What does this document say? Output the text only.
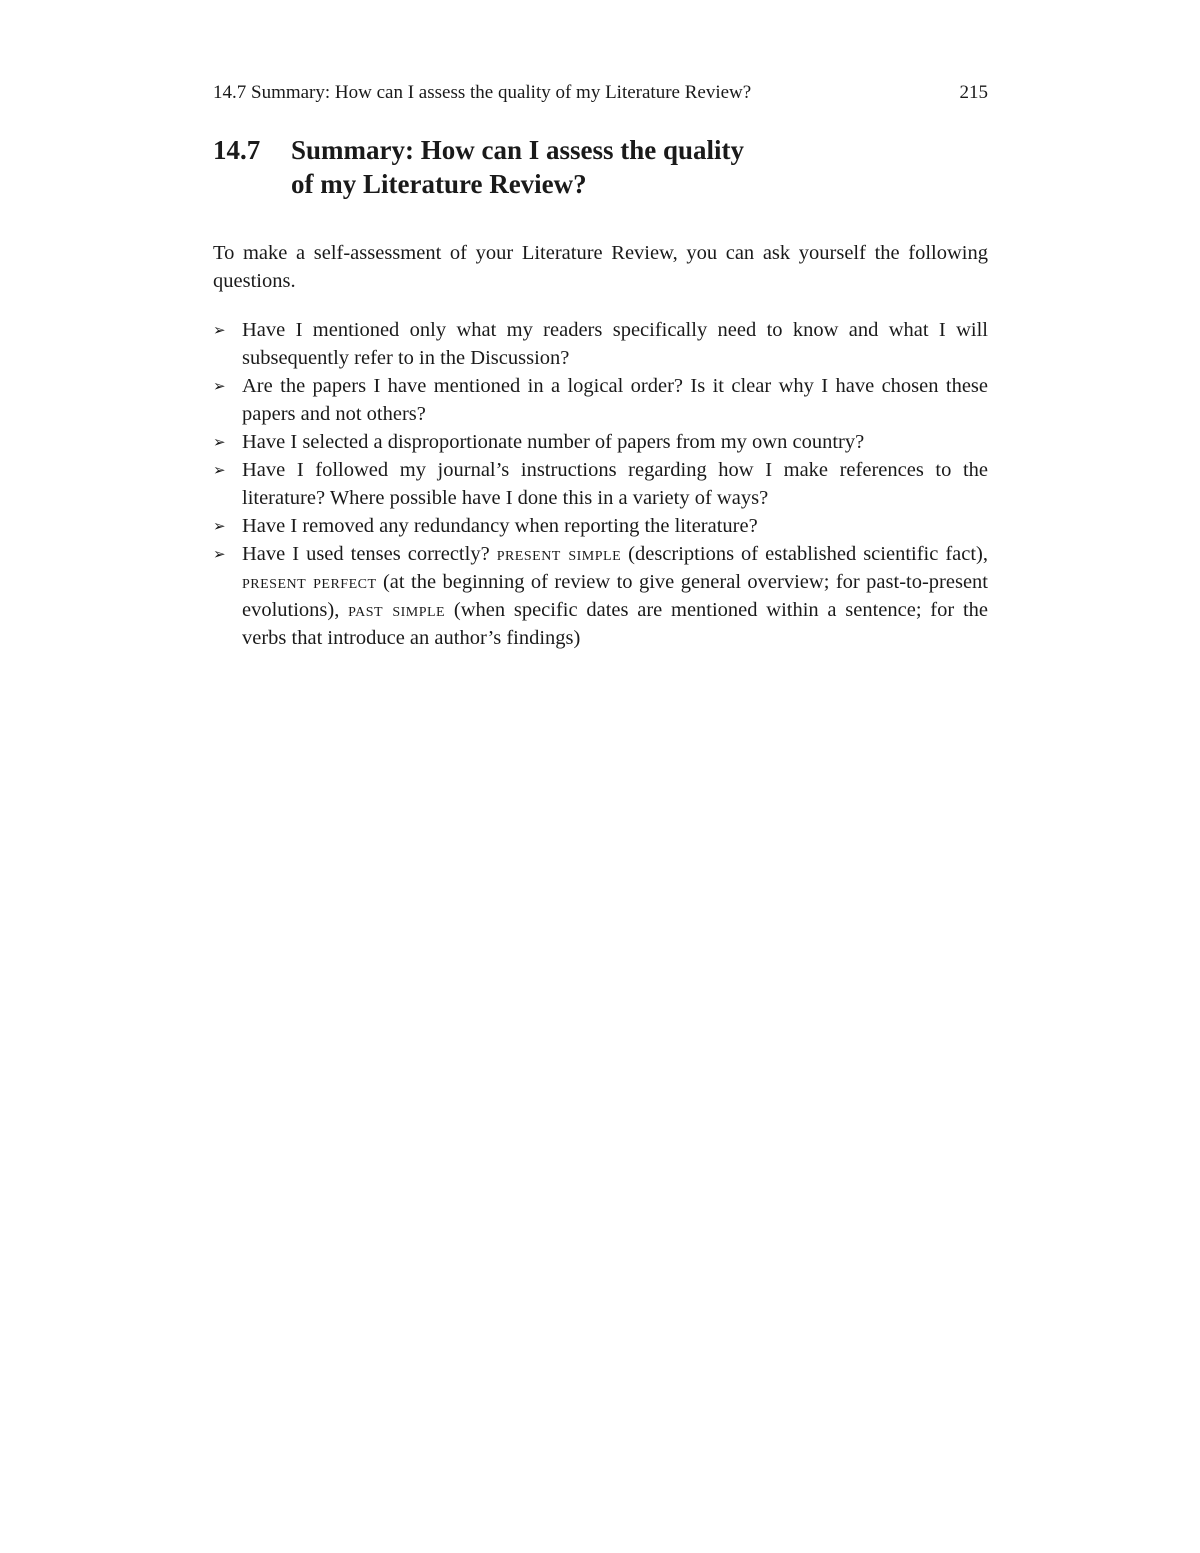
14.7 Summary: How can I assess the quality of my Literature Review?	215
14.7	Summary: How can I assess the quality
of my Literature Review?

To make a self-assessment of your Literature Review, you can ask yourself the following questions.

➢ Have I mentioned only what my readers specifically need to know and what I will subsequently refer to in the Discussion?
➢ Are the papers I have mentioned in a logical order? Is it clear why I have chosen these papers and not others?
➢ Have I selected a disproportionate number of papers from my own country?
➢ Have I followed my journal’s instructions regarding how I make references to the literature? Where possible have I done this in a variety of ways?
➢ Have I removed any redundancy when reporting the literature?
➢ Have I used tenses correctly? present simple (descriptions of established scientific fact), present perfect (at the beginning of review to give general overview; for past-to-present evolutions), past simple (when specific dates are mentioned within a sentence; for the verbs that introduce an author’s findings)
